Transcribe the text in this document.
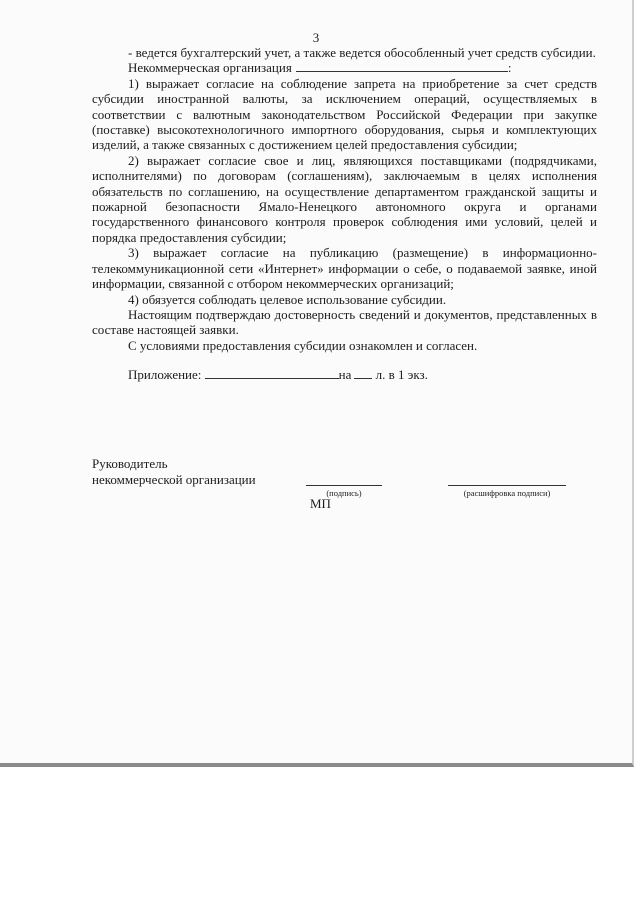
3

- ведется бухгалтерский учет, а также ведется обособленный учет средств субсидии.

Некоммерческая организация	:

1) выражает согласие на соблюдение запрета на приобретение за счет средств субсидии иностранной валюты, за исключением операций, осуществляемых в соответствии с валютным законодательством Российской Федерации при закупке (поставке) высокотехнологичного импортного оборудования, сырья и комплектующих изделий, а также связанных с достижением целей предоставления субсидии;

2) выражает согласие свое и лиц, являющихся поставщиками (подрядчиками, исполнителями) по договорам (соглашениям), заключаемым в целях исполнения обязательств по соглашению, на осуществление департаментом гражданской защиты и пожарной безопасности Ямало-Ненецкого автономного округа и органами государственного финансового контроля проверок соблюдения ими условий, целей и порядка предоставления субсидии;

3) выражает согласие на публикацию (размещение) в информационно-телекоммуникационной сети «Интернет» информации о себе, о подаваемой заявке, иной информации, связанной с отбором некоммерческих организаций;

4) обязуется соблюдать целевое использование субсидии.

Настоящим подтверждаю достоверность сведений и документов, представленных в составе настоящей заявки.

С условиями предоставления субсидии ознакомлен и согласен.

Приложение:	на л. в 1 экз.

Руководитель
некоммерческой организации
(подпись)	(расшифровка подписи)
МП
